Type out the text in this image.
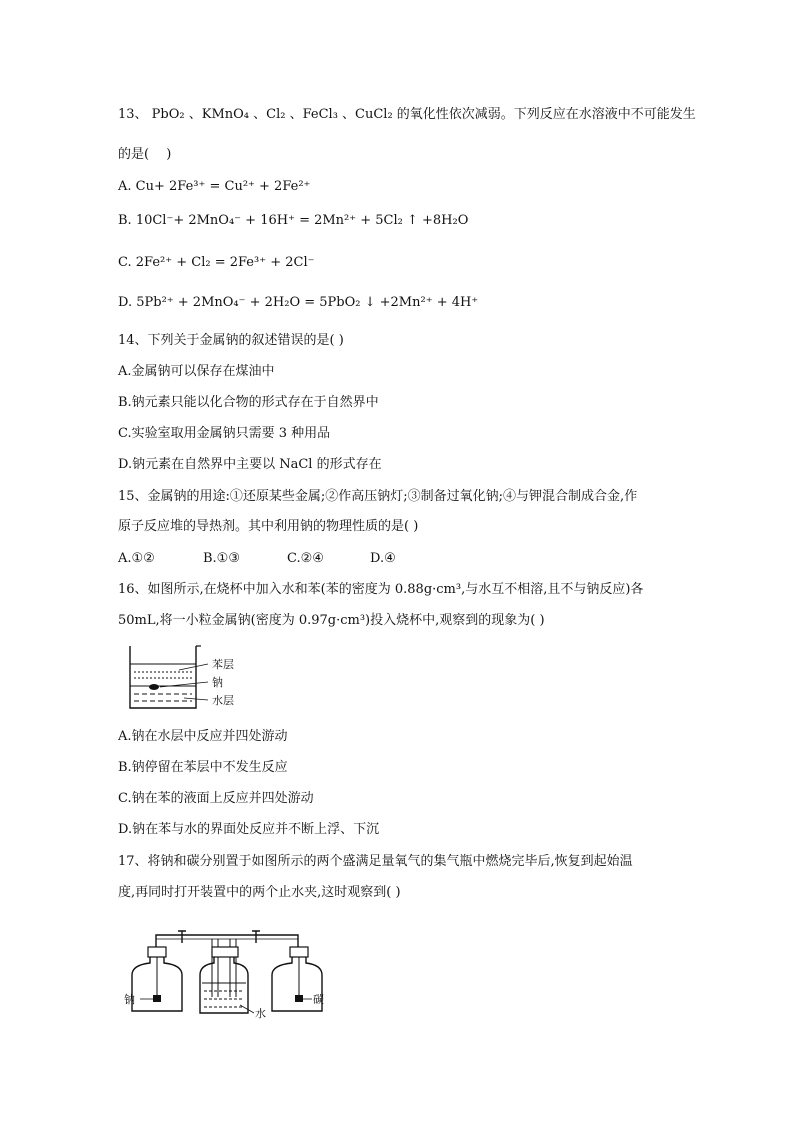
13、 PbO₂ 、KMnO₄ 、Cl₂ 、FeCl₃ 、CuCl₂ 的氧化性依次减弱。下列反应在水溶液中不可能发生
的是(　 )
A. Cu+ 2Fe³⁺ = Cu²⁺ + 2Fe²⁺
B. 10Cl⁻+ 2MnO₄⁻ + 16H⁺ = 2Mn²⁺ + 5Cl₂ ↑ +8H₂O
C. 2Fe²⁺ + Cl₂ = 2Fe³⁺ + 2Cl⁻
D. 5Pb²⁺ + 2MnO₄⁻ + 2H₂O = 5PbO₂ ↓ +2Mn²⁺ + 4H⁺
14、下列关于金属钠的叙述错误的是( )
A.金属钠可以保存在煤油中
B.钠元素只能以化合物的形式存在于自然界中
C.实验室取用金属钠只需要 3 种用品
D.钠元素在自然界中主要以 NaCl 的形式存在
15、金属钠的用途:①还原某些金属;②作高压钠灯;③制备过氧化钠;④与钾混合制成合金,作
原子反应堆的导热剂。其中利用钠的物理性质的是( )
A.①②	B.①③	C.②④	D.④
16、如图所示,在烧杯中加入水和苯(苯的密度为 0.88g·cm³,与水互不相溶,且不与钠反应)各
50mL,将一小粒金属钠(密度为 0.97g·cm³)投入烧杯中,观察到的现象为( )
苯层
钠
水层
A.钠在水层中反应并四处游动
B.钠停留在苯层中不发生反应
C.钠在苯的液面上反应并四处游动
D.钠在苯与水的界面处反应并不断上浮、下沉
17、将钠和碳分别置于如图所示的两个盛满足量氧气的集气瓶中燃烧完毕后,恢复到起始温
度,再同时打开装置中的两个止水夹,这时观察到( )
钠
水
碳
